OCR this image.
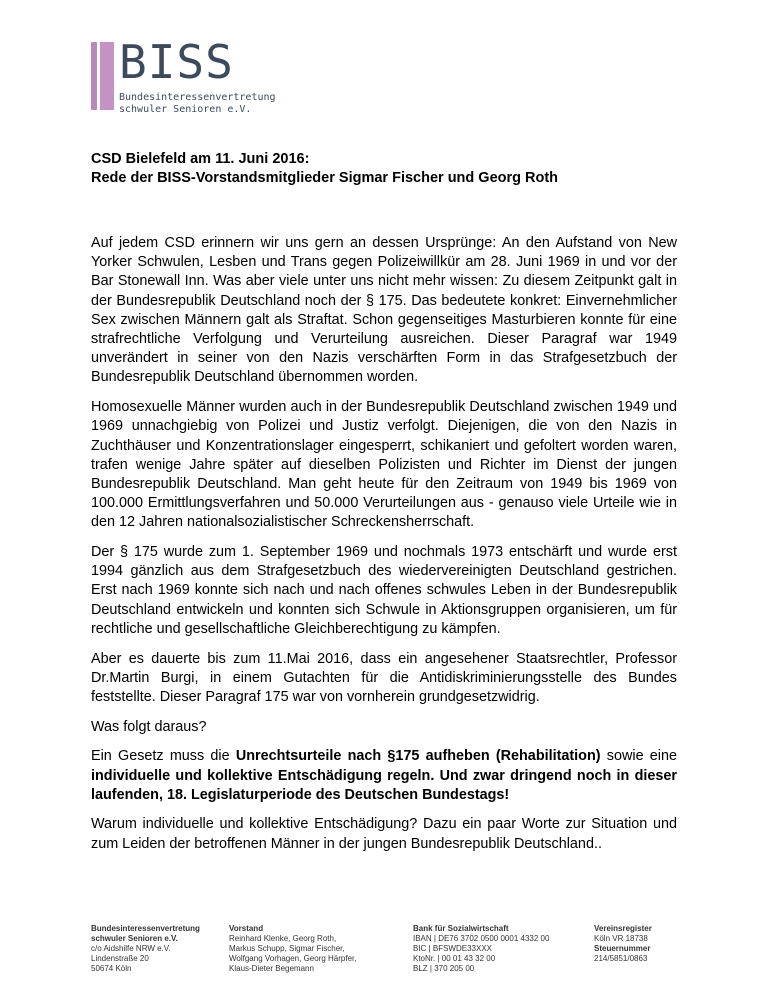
BISS
Bundesinteressenvertretung
schwuler Senioren e.V.
CSD Bielefeld am 11. Juni 2016:
Rede der BISS-Vorstandsmitglieder Sigmar Fischer und Georg Roth

Auf jedem CSD erinnern wir uns gern an dessen Ursprünge: An den Aufstand von New Yorker Schwulen, Lesben und Trans gegen Polizeiwillkür am 28. Juni 1969 in und vor der Bar Stonewall Inn. Was aber viele unter uns nicht mehr wissen: Zu diesem Zeitpunkt galt in der Bundesrepublik Deutschland noch der § 175. Das bedeutete konkret: Einvernehmlicher Sex zwischen Männern galt als Straftat. Schon gegenseitiges Masturbieren konnte für eine strafrechtliche Verfolgung und Verurteilung ausreichen. Dieser Paragraf war 1949 unverändert in seiner von den Nazis verschärften Form in das Strafgesetzbuch der Bundesrepublik Deutschland übernommen worden.

Homosexuelle Männer wurden auch in der Bundesrepublik Deutschland zwischen 1949 und 1969 unnachgiebig von Polizei und Justiz verfolgt. Diejenigen, die von den Nazis in Zuchthäuser und Konzentrationslager eingesperrt, schikaniert und gefoltert worden waren, trafen wenige Jahre später auf dieselben Polizisten und Richter im Dienst der jungen Bundesrepublik Deutschland. Man geht heute für den Zeitraum von 1949 bis 1969 von 100.000 Ermittlungsverfahren und 50.000 Verurteilungen aus - genauso viele Urteile wie in den 12 Jahren nationalsozialistischer Schreckensherrschaft.

Der § 175 wurde zum 1. September 1969 und nochmals 1973 entschärft und wurde erst 1994 gänzlich aus dem Strafgesetzbuch des wiedervereinigten Deutschland gestrichen. Erst nach 1969 konnte sich nach und nach offenes schwules Leben in der Bundesrepublik Deutschland entwickeln und konnten sich Schwule in Aktionsgruppen organisieren, um für rechtliche und gesellschaftliche Gleichberechtigung zu kämpfen.

Aber es dauerte bis zum 11.Mai 2016, dass ein angesehener Staatsrechtler, Professor Dr.Martin Burgi, in einem Gutachten für die Antidiskriminierungsstelle des Bundes feststellte. Dieser Paragraf 175 war von vornherein grundgesetzwidrig.

Was folgt daraus?

Ein Gesetz muss die Unrechtsurteile nach §175 aufheben (Rehabilitation) sowie eine individuelle und kollektive Entschädigung regeln. Und zwar dringend noch in dieser laufenden, 18. Legislaturperiode des Deutschen Bundestags!

Warum individuelle und kollektive Entschädigung? Dazu ein paar Worte zur Situation und zum Leiden der betroffenen Männer in der jungen Bundesrepublik Deutschland..

Bundesinteressenvertretung
schwuler Senioren e.V.
c/o Aidshilfe NRW e.V.
Lindenstraße 20
50674 Köln
Vorstand
Reinhard Klenke, Georg Roth,
Markus Schupp, Sigmar Fischer,
Wolfgang Vorhagen, Georg Härpfer,
Klaus-Dieter Begemann
Bank für Sozialwirtschaft
IBAN | DE76 3702 0500 0001 4332 00
BIC | BFSWDE33XXX
KtoNr. | 00 01 43 32 00
BLZ | 370 205 00
Vereinsregister
Köln VR 18738
Steuernummer
214/5851/0863
